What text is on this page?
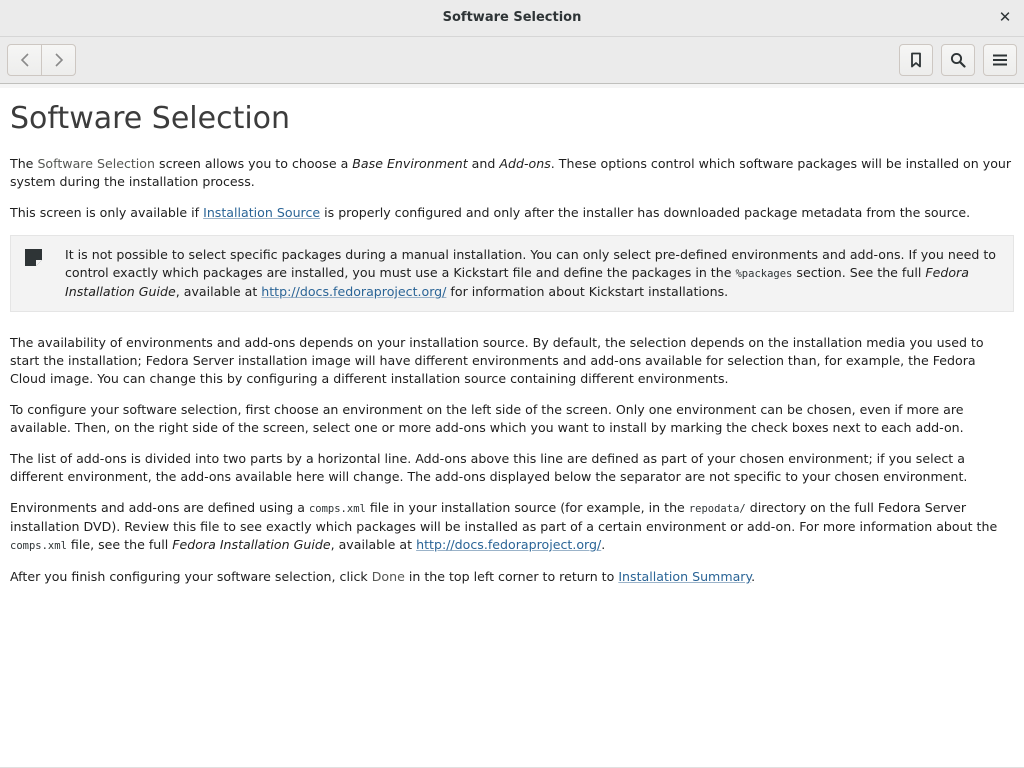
Software Selection	✕
Software Selection

The Software Selection screen allows you to choose a Base Environment and Add-ons. These options control which software packages will be installed on your system during the installation process.

This screen is only available if Installation Source is properly configured and only after the installer has downloaded package metadata from the source.

It is not possible to select specific packages during a manual installation. You can only select pre-defined environments and add-ons. If you need to control exactly which packages are installed, you must use a Kickstart file and define the packages in the %packages section. See the full Fedora Installation Guide, available at http://docs.fedoraproject.org/ for information about Kickstart installations.

The availability of environments and add-ons depends on your installation source. By default, the selection depends on the installation media you used to start the installation; Fedora Server installation image will have different environments and add-ons available for selection than, for example, the Fedora Cloud image. You can change this by configuring a different installation source containing different environments.

To configure your software selection, first choose an environment on the left side of the screen. Only one environment can be chosen, even if more are available. Then, on the right side of the screen, select one or more add-ons which you want to install by marking the check boxes next to each add-on.

The list of add-ons is divided into two parts by a horizontal line. Add-ons above this line are defined as part of your chosen environment; if you select a different environment, the add-ons available here will change. The add-ons displayed below the separator are not specific to your chosen environment.

Environments and add-ons are defined using a comps.xml file in your installation source (for example, in the repodata/ directory on the full Fedora Server installation DVD). Review this file to see exactly which packages will be installed as part of a certain environment or add-on. For more information about the comps.xml file, see the full Fedora Installation Guide, available at http://docs.fedoraproject.org/.

After you finish configuring your software selection, click Done in the top left corner to return to Installation Summary.
